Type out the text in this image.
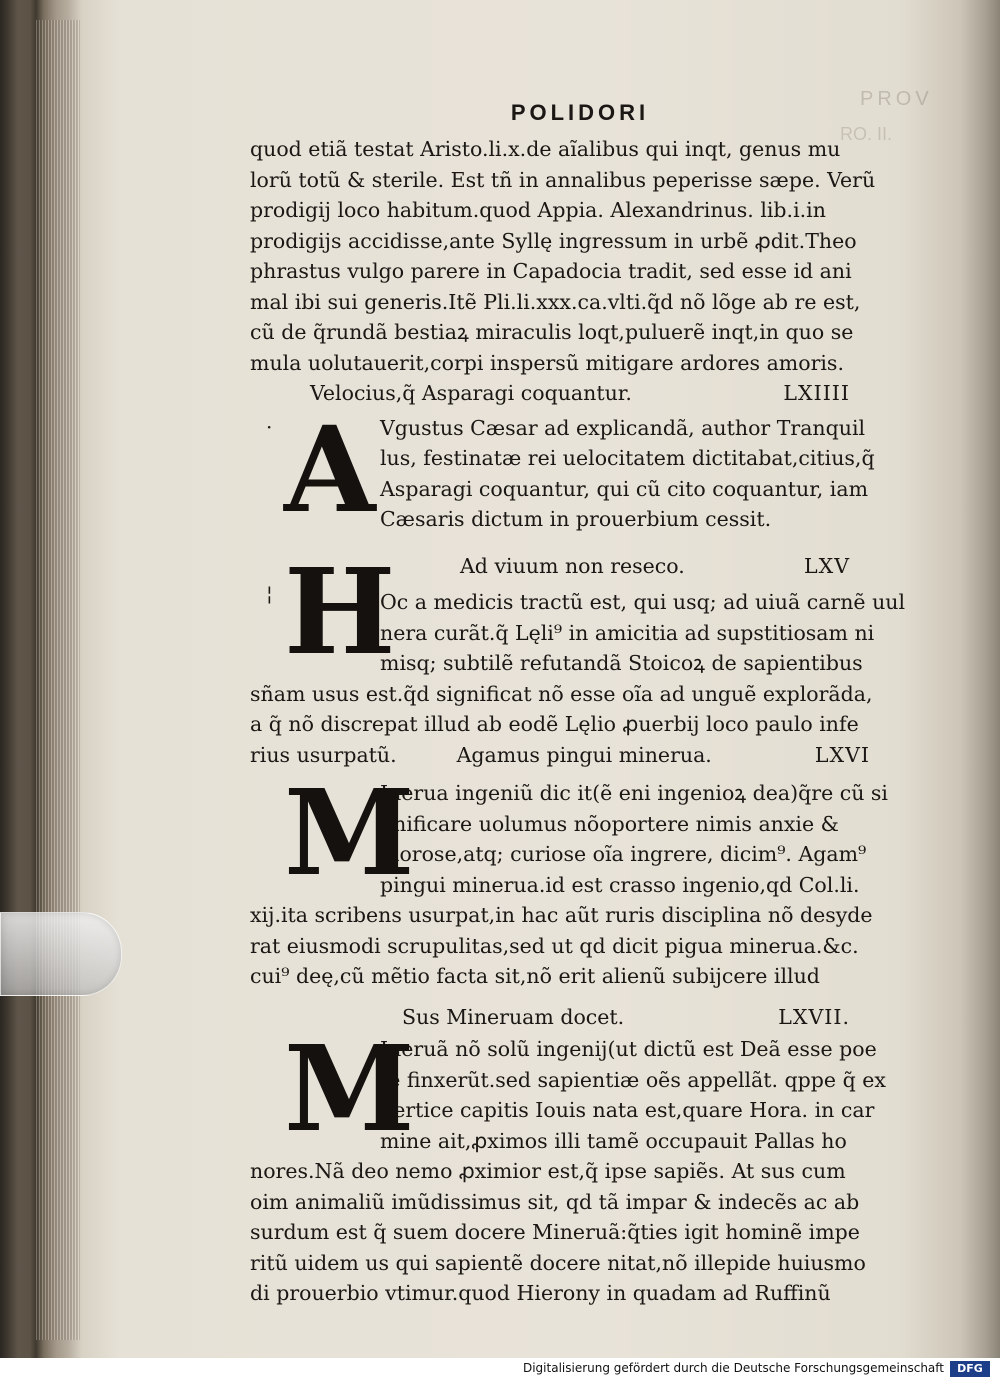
PROV
RO. II.
POLIDORI
quod etiã testat Aristo.li.x.de aĩalibus qui inqt, genus mu
lorũ totũ & sterile. Est tñ in annalibus peperisse sæpe. Verũ
prodigij loco habitum.quod Appia. Alexandrinus. lib.i.in
prodigijs accidisse,ante Syllę ingressum in urbẽ ꝓdit.Theo
phrastus vulgo parere in Capadocia tradit, sed esse id ani
mal ibi sui generis.Itẽ Pli.li.xxx.ca.vlti.q̃d nõ lõge ab re est,
cũ de q̃rundã bestiaꝝ miraculis loqt,puluerẽ inqt,in quo se
mula uolutauerit,corpi inspersũ mitigare ardores amoris.
Velocius,q̃ Asparagi coquantur.	LXIIII
· A Vgustus Cæsar ad explicandã, author Tranquil
lus, festinatæ rei uelocitatem dictitabat,citius,q̃
Asparagi coquantur, qui cũ cito coquantur, iam
Cæsaris dictum in prouerbium cessit.
H
¦
Ad viuum non reseco.	LXV
Oc a medicis tractũ est, qui usq; ad uiuã carnẽ uul
nera curãt.q̃ Lęli⁹ in amicitia ad supstitiosam ni
misq; subtilẽ refutandã Stoicoꝝ de sapientibus
sñam usus est.q̃d significat nõ esse oĩa ad unguẽ explorãda,
a q̃ nõ discrepat illud ab eodẽ Lęlio ꝓuerbij loco paulo infe
rius usurpatũ.	Agamus pingui minerua.	LXVI
M
Inerua ingeniũ dic it(ẽ eni ingenioꝝ dea)q̃re cũ si
gnificare uolumus nõoportere nimis anxie &
morose,atq; curiose oĩa ingrere, dicim⁹. Agam⁹
pingui minerua.id est crasso ingenio,qd Col.li.
xij.ita scribens usurpat,in hac aũt ruris disciplina nõ desyde
rat eiusmodi scrupulitas,sed ut qd dicit pigua minerua.&c.
cui⁹ deę,cũ mẽtio facta sit,nõ erit alienũ subijcere illud
Sus Mineruam docet.	LXVII.
M
Ineruã nõ solũ ingenij(ut dictũ est Deã esse poe
tę finxerũt.sed sapientiæ oẽs appellãt. qppe q̃ ex
uertice capitis Iouis nata est,quare Hora. in car
mine ait,ꝓximos illi tamẽ occupauit Pallas ho
nores.Nã deo nemo ꝓximior est,q̃ ipse sapiẽs. At sus cum
oim animaliũ imũdissimus sit, qd tã impar & indecẽs ac ab
surdum est q̃ suem docere Mineruã:q̃ties igit hominẽ impe
ritũ uidem us qui sapientẽ docere nitat,nõ illepide huiusmo
di prouerbio vtimur.quod Hierony in quadam ad Ruffinũ
Digitalisierung gefördert durch die Deutsche Forschungsgemeinschaft	DFG
